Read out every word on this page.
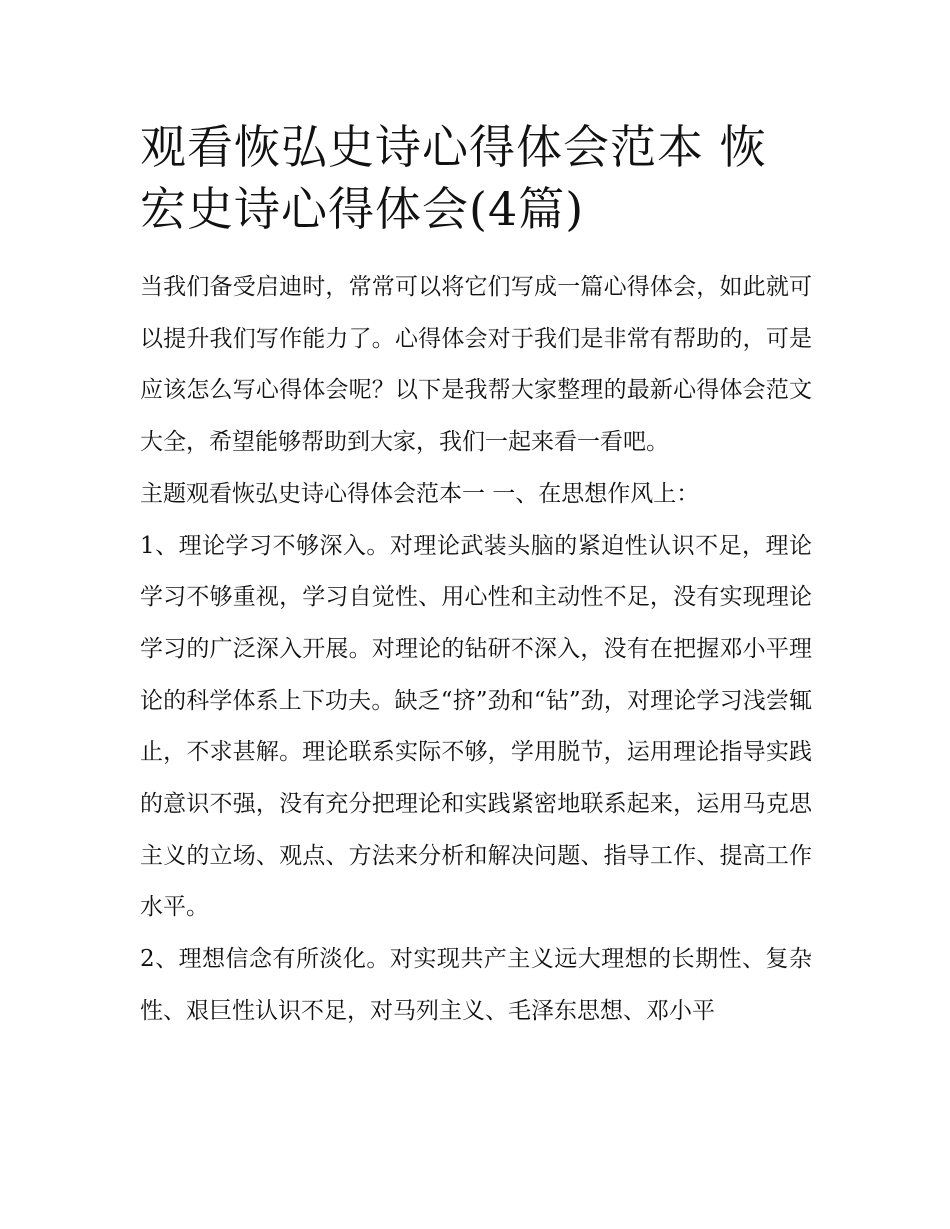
观看恢弘史诗心得体会范本 恢宏史诗心得体会(4篇)

当我们备受启迪时，常常可以将它们写成一篇心得体会，如此就可以提升我们写作能力了。心得体会对于我们是非常有帮助的，可是应该怎么写心得体会呢？以下是我帮大家整理的最新心得体会范文大全，希望能够帮助到大家，我们一起来看一看吧。

主题观看恢弘史诗心得体会范本一 一、在思想作风上：

1、理论学习不够深入。对理论武装头脑的紧迫性认识不足，理论学习不够重视，学习自觉性、用心性和主动性不足，没有实现理论学习的广泛深入开展。对理论的钻研不深入，没有在把握邓小平理论的科学体系上下功夫。缺乏“挤”劲和“钻”劲，对理论学习浅尝辄止，不求甚解。理论联系实际不够，学用脱节，运用理论指导实践的意识不强，没有充分把理论和实践紧密地联系起来，运用马克思主义的立场、观点、方法来分析和解决问题、指导工作、提高工作水平。

2、理想信念有所淡化。对实现共产主义远大理想的长期性、复杂性、艰巨性认识不足，对马列主义、毛泽东思想、邓小平
